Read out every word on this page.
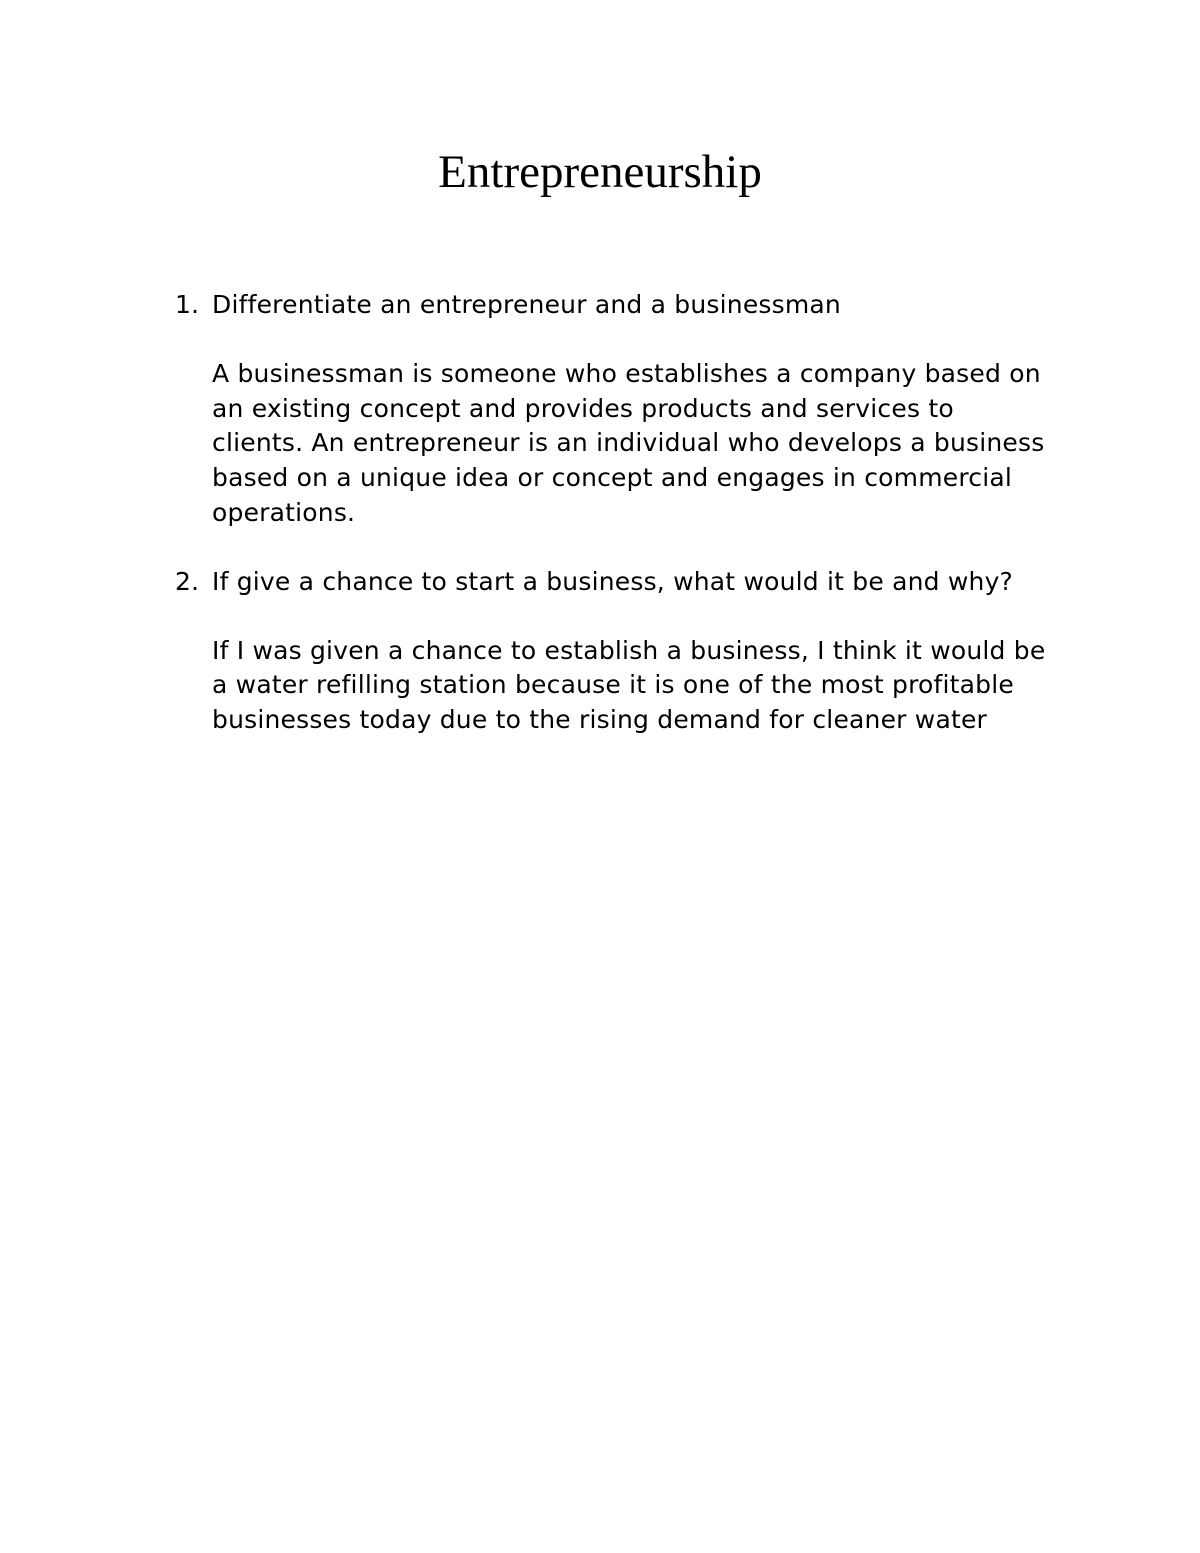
Entrepreneurship
1. Differentiate an entrepreneur and a businessman

A businessman is someone who establishes a company based on an existing concept and provides products and services to clients. An entrepreneur is an individual who develops a business based on a unique idea or concept and engages in commercial operations.

2. If give a chance to start a business, what would it be and why?

If I was given a chance to establish a business, I think it would be a water refilling station because it is one of the most profitable businesses today due to the rising demand for cleaner water
